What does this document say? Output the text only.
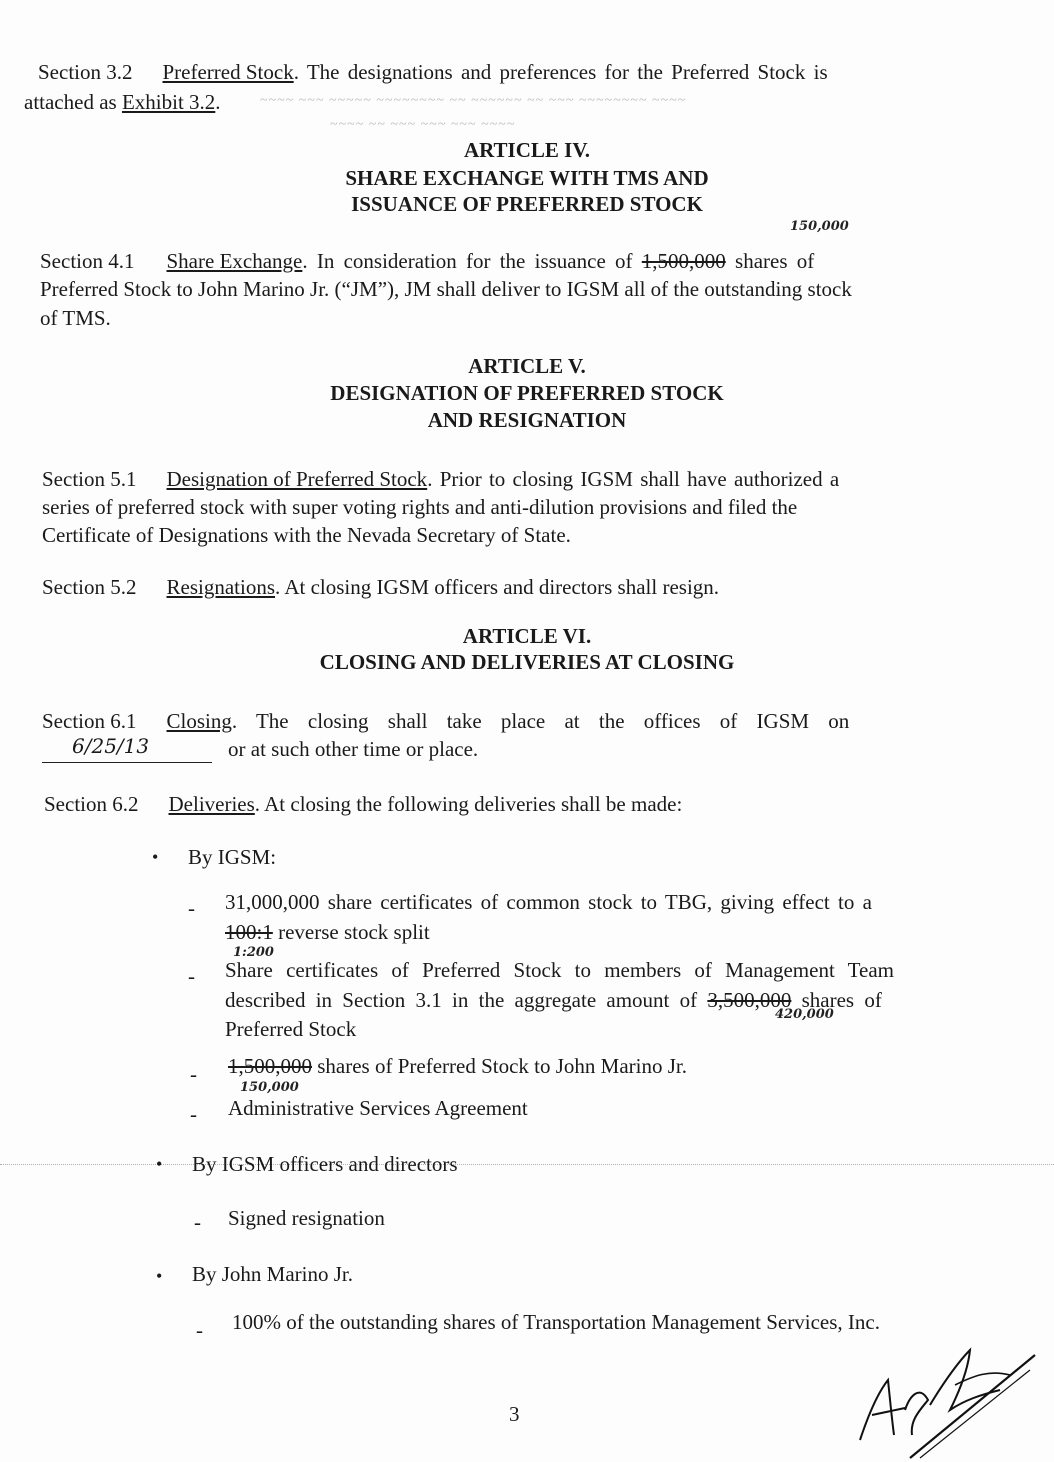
Section 3.2 Preferred Stock. The designations and preferences for the Preferred Stock is
attached as Exhibit 3.2.	~~~~ ~~~ ~~~~~ ~~~~~~~~ ~~ ~~~~~~ ~~ ~~~ ~~~~~~~~ ~~~~
~~~~ ~~ ~~~ ~~~ ~~~ ~~~~
ARTICLE IV.
SHARE EXCHANGE WITH TMS AND
ISSUANCE OF PREFERRED STOCK
150,000
Section 4.1 Share Exchange. In consideration for the issuance of 1,500,000 shares of
Preferred Stock to John Marino Jr. (“JM”), JM shall deliver to IGSM all of the outstanding stock
of TMS.
ARTICLE V.
DESIGNATION OF PREFERRED STOCK
AND RESIGNATION
Section 5.1 Designation of Preferred Stock. Prior to closing IGSM shall have authorized a
series of preferred stock with super voting rights and anti-dilution provisions and filed the
Certificate of Designations with the Nevada Secretary of State.
Section 5.2 Resignations. At closing IGSM officers and directors shall resign.
ARTICLE VI.
CLOSING AND DELIVERIES AT CLOSING
Section 6.1 Closing. The closing shall take place at the offices of IGSM on
6/25/13	or at such other time or place.
Section 6.2 Deliveries. At closing the following deliveries shall be made:
• By IGSM:
- 31,000,000 share certificates of common stock to TBG, giving effect to a
100:1 reverse stock split
1:200
- Share certificates of Preferred Stock to members of Management Team
described in Section 3.1 in the aggregate amount of 3,500,000 shares of
420,000
Preferred Stock
- 1,500,000 shares of Preferred Stock to John Marino Jr.
150,000
- Administrative Services Agreement
• By IGSM officers and directors
- Signed resignation
• By John Marino Jr.
- 100% of the outstanding shares of Transportation Management Services, Inc.
3
